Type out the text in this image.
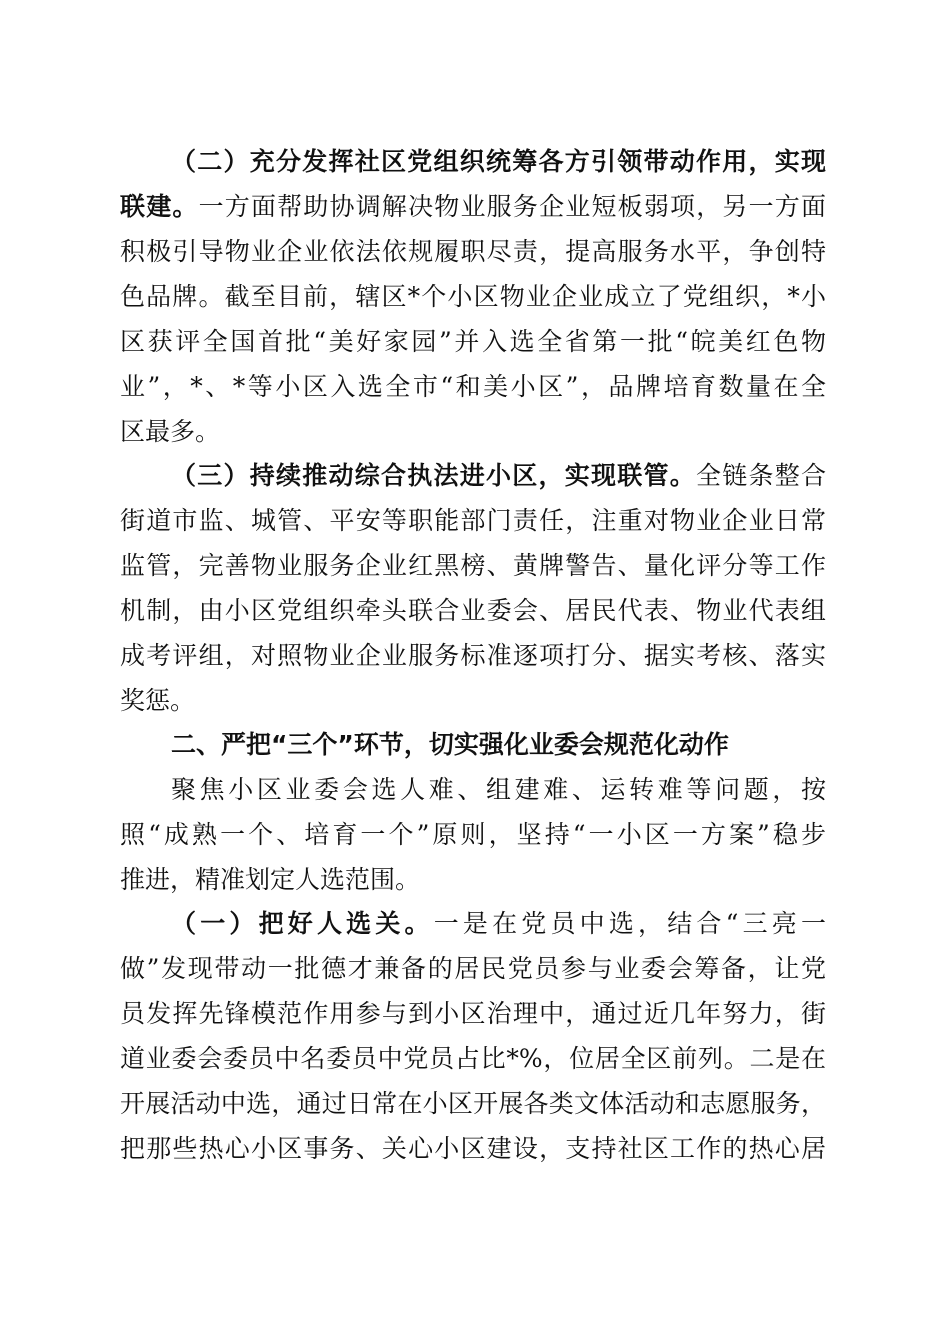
（二）充分发挥社区党组织统筹各方引领带动作用，实现
联建。一方面帮助协调解决物业服务企业短板弱项，另一方面
积极引导物业企业依法依规履职尽责，提高服务水平，争创特
色品牌。截至目前，辖区*个小区物业企业成立了党组织，*小
区获评全国首批“美好家园”并入选全省第一批“皖美红色物
业”，*、*等小区入选全市“和美小区”，品牌培育数量在全
区最多。
（三）持续推动综合执法进小区，实现联管。全链条整合
街道市监、城管、平安等职能部门责任，注重对物业企业日常
监管，完善物业服务企业红黑榜、黄牌警告、量化评分等工作
机制，由小区党组织牵头联合业委会、居民代表、物业代表组
成考评组，对照物业企业服务标准逐项打分、据实考核、落实
奖惩。
二、严把“三个”环节，切实强化业委会规范化动作
聚焦小区业委会选人难、组建难、运转难等问题，按
照“成熟一个、培育一个”原则，坚持“一小区一方案”稳步
推进，精准划定人选范围。
（一）把好人选关。一是在党员中选，结合“三亮一
做”发现带动一批德才兼备的居民党员参与业委会筹备，让党
员发挥先锋模范作用参与到小区治理中，通过近几年努力，街
道业委会委员中名委员中党员占比*%，位居全区前列。二是在
开展活动中选，通过日常在小区开展各类文体活动和志愿服务，
把那些热心小区事务、关心小区建设，支持社区工作的热心居
